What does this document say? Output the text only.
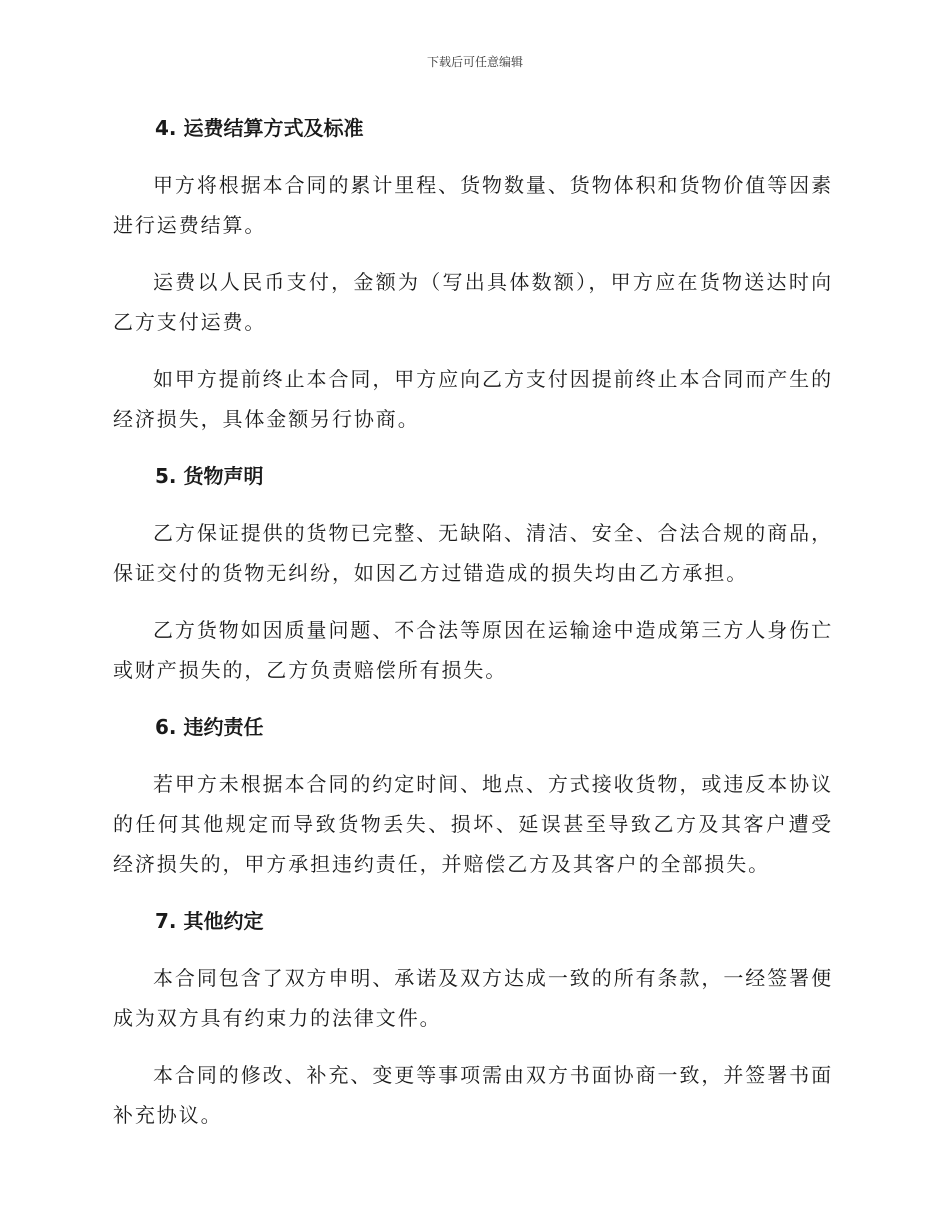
下载后可任意编辑
4. 运费结算方式及标准

甲方将根据本合同的累计里程、货物数量、货物体积和货物价值等因素进行运费结算。

运费以人民币支付，金额为（写出具体数额），甲方应在货物送达时向乙方支付运费。

如甲方提前终止本合同，甲方应向乙方支付因提前终止本合同而产生的经济损失，具体金额另行协商。

5. 货物声明

乙方保证提供的货物已完整、无缺陷、清洁、安全、合法合规的商品，保证交付的货物无纠纷，如因乙方过错造成的损失均由乙方承担。

乙方货物如因质量问题、不合法等原因在运输途中造成第三方人身伤亡或财产损失的，乙方负责赔偿所有损失。

6. 违约责任

若甲方未根据本合同的约定时间、地点、方式接收货物，或违反本协议的任何其他规定而导致货物丢失、损坏、延误甚至导致乙方及其客户遭受经济损失的，甲方承担违约责任，并赔偿乙方及其客户的全部损失。

7. 其他约定

本合同包含了双方申明、承诺及双方达成一致的所有条款，一经签署便成为双方具有约束力的法律文件。

本合同的修改、补充、变更等事项需由双方书面协商一致，并签署书面补充协议。
